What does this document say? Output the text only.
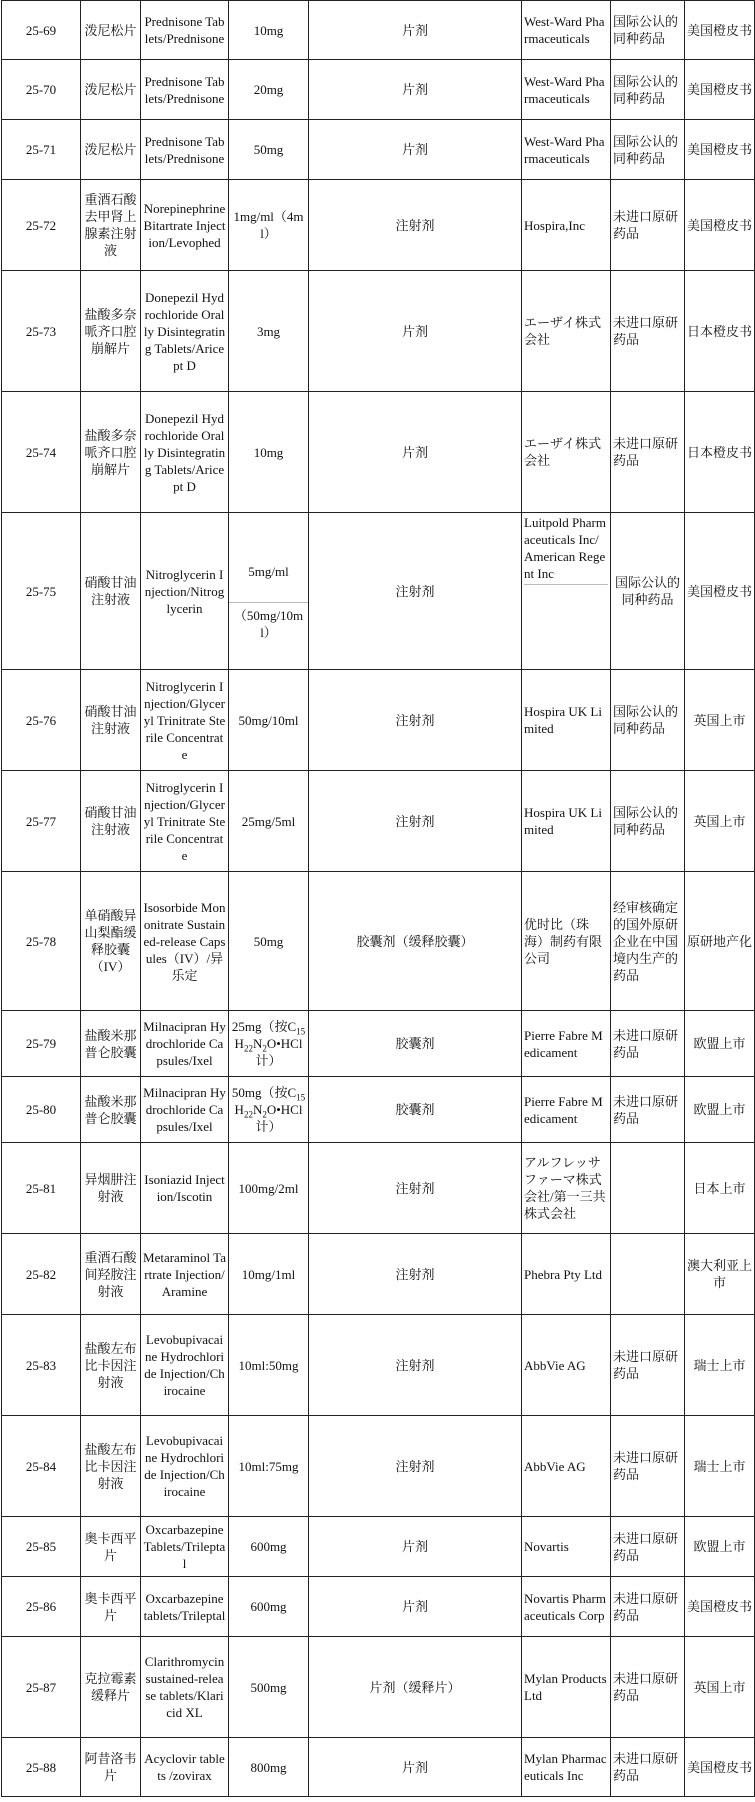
25-69	泼尼松片	Prednisone Tablets/Prednisone	10mg	片剂	West-Ward Pharmaceuticals	国际公认的同种药品	美国橙皮书
25-70	泼尼松片	Prednisone Tablets/Prednisone	20mg	片剂	West-Ward Pharmaceuticals	国际公认的同种药品	美国橙皮书
25-71	泼尼松片	Prednisone Tablets/Prednisone	50mg	片剂	West-Ward Pharmaceuticals	国际公认的同种药品	美国橙皮书
25-72	重酒石酸去甲肾上腺素注射液	Norepinephrine Bitartrate Injection/Levophed	1mg/ml（4ml）	注射剂	Hospira,Inc	未进口原研药品	美国橙皮书
25-73	盐酸多奈哌齐口腔崩解片	Donepezil Hydrochloride Orally Disintegrating Tablets/Aricept D	3mg	片剂	エーザイ株式会社	未进口原研药品	日本橙皮书
25-74	盐酸多奈哌齐口腔崩解片	Donepezil Hydrochloride Orally Disintegrating Tablets/Aricept D	10mg	片剂	エーザイ株式会社	未进口原研药品	日本橙皮书
25-75	硝酸甘油注射液	Nitroglycerin Injection/Nitroglycerin	5mg/ml
（50mg/10ml）	注射剂	Luitpold Pharmaceuticals Inc/American Regent Inc	国际公认的同种药品	美国橙皮书
25-76	硝酸甘油注射液	Nitroglycerin Injection/Glyceryl Trinitrate Sterile Concentrate	50mg/10ml	注射剂	Hospira UK Limited	国际公认的同种药品	英国上市
25-77	硝酸甘油注射液	Nitroglycerin Injection/Glyceryl Trinitrate Sterile Concentrate	25mg/5ml	注射剂	Hospira UK Limited	国际公认的同种药品	英国上市
25-78	单硝酸异山梨酯缓释胶囊（IV）	Isosorbide Mononitrate Sustained-release Capsules（IV）/异乐定	50mg	胶囊剂（缓释胶囊）	优时比（珠海）制药有限公司	经审核确定的国外原研企业在中国境内生产的药品	原研地产化
25-79	盐酸米那普仑胶囊	Milnacipran Hydrochloride Capsules/Ixel	25mg（按$C_{15}H_{22}N_2O•HCl$计）	胶囊剂	Pierre Fabre Medicament	未进口原研药品	欧盟上市
25-80	盐酸米那普仑胶囊	Milnacipran Hydrochloride Capsules/Ixel	50mg（按$C_{15}H_{22}N_2O•HCl$计）	胶囊剂	Pierre Fabre Medicament	未进口原研药品	欧盟上市
25-81	异烟肼注射液	Isoniazid Injection/Iscotin	100mg/2ml	注射剂	アルフレッサ ファーマ株式会社/第一三共株式会社		日本上市
25-82	重酒石酸间羟胺注射液	Metaraminol Tartrate Injection/Aramine	10mg/1ml	注射剂	Phebra Pty Ltd		澳大利亚上市
25-83	盐酸左布比卡因注射液	Levobupivacaine Hydrochloride Injection/Chirocaine	10ml:50mg	注射剂	AbbVie AG	未进口原研药品	瑞士上市
25-84	盐酸左布比卡因注射液	Levobupivacaine Hydrochloride Injection/Chirocaine	10ml:75mg	注射剂	AbbVie AG	未进口原研药品	瑞士上市
25-85	奥卡西平片	Oxcarbazepine Tablets/Trileptal	600mg	片剂	Novartis	未进口原研药品	欧盟上市
25-86	奥卡西平片	Oxcarbazepine tablets/Trileptal	600mg	片剂	Novartis Pharmaceuticals Corp	未进口原研药品	美国橙皮书
25-87	克拉霉素缓释片	Clarithromycin sustained-release tablets/Klaricid XL	500mg	片剂（缓释片）	Mylan Products Ltd	未进口原研药品	英国上市
25-88	阿昔洛韦片	Acyclovir tablets /zovirax	800mg	片剂	Mylan Pharmaceuticals Inc	未进口原研药品	美国橙皮书
